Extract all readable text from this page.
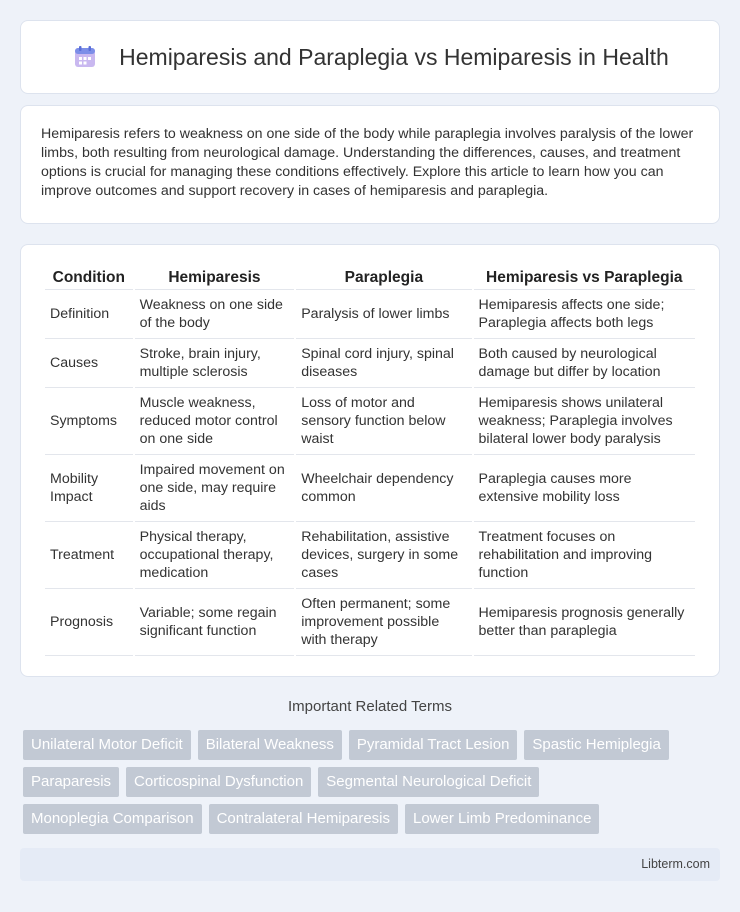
Hemiparesis and Paraplegia vs Hemiparesis in Health

Hemiparesis refers to weakness on one side of the body while paraplegia involves paralysis of the lower limbs, both resulting from neurological damage. Understanding the differences, causes, and treatment options is crucial for managing these conditions effectively. Explore this article to learn how you can improve outcomes and support recovery in cases of hemiparesis and paraplegia.

Condition	Hemiparesis	Paraplegia	Hemiparesis vs Paraplegia
Definition	Weakness on one side of the body	Paralysis of lower limbs	Hemiparesis affects one side; Paraplegia affects both legs
Causes	Stroke, brain injury, multiple sclerosis	Spinal cord injury, spinal diseases	Both caused by neurological damage but differ by location
Symptoms	Muscle weakness, reduced motor control on one side	Loss of motor and sensory function below waist	Hemiparesis shows unilateral weakness; Paraplegia involves bilateral lower body paralysis
Mobility Impact	Impaired movement on one side, may require aids	Wheelchair dependency common	Paraplegia causes more extensive mobility loss
Treatment	Physical therapy, occupational therapy, medication	Rehabilitation, assistive devices, surgery in some cases	Treatment focuses on rehabilitation and improving function
Prognosis	Variable; some regain significant function	Often permanent; some improvement possible with therapy	Hemiparesis prognosis generally better than paraplegia
Important Related Terms
Unilateral Motor Deficit	Bilateral Weakness	Pyramidal Tract Lesion	Spastic Hemiplegia
Paraparesis	Corticospinal Dysfunction	Segmental Neurological Deficit
Monoplegia Comparison	Contralateral Hemiparesis	Lower Limb Predominance
Libterm.com
